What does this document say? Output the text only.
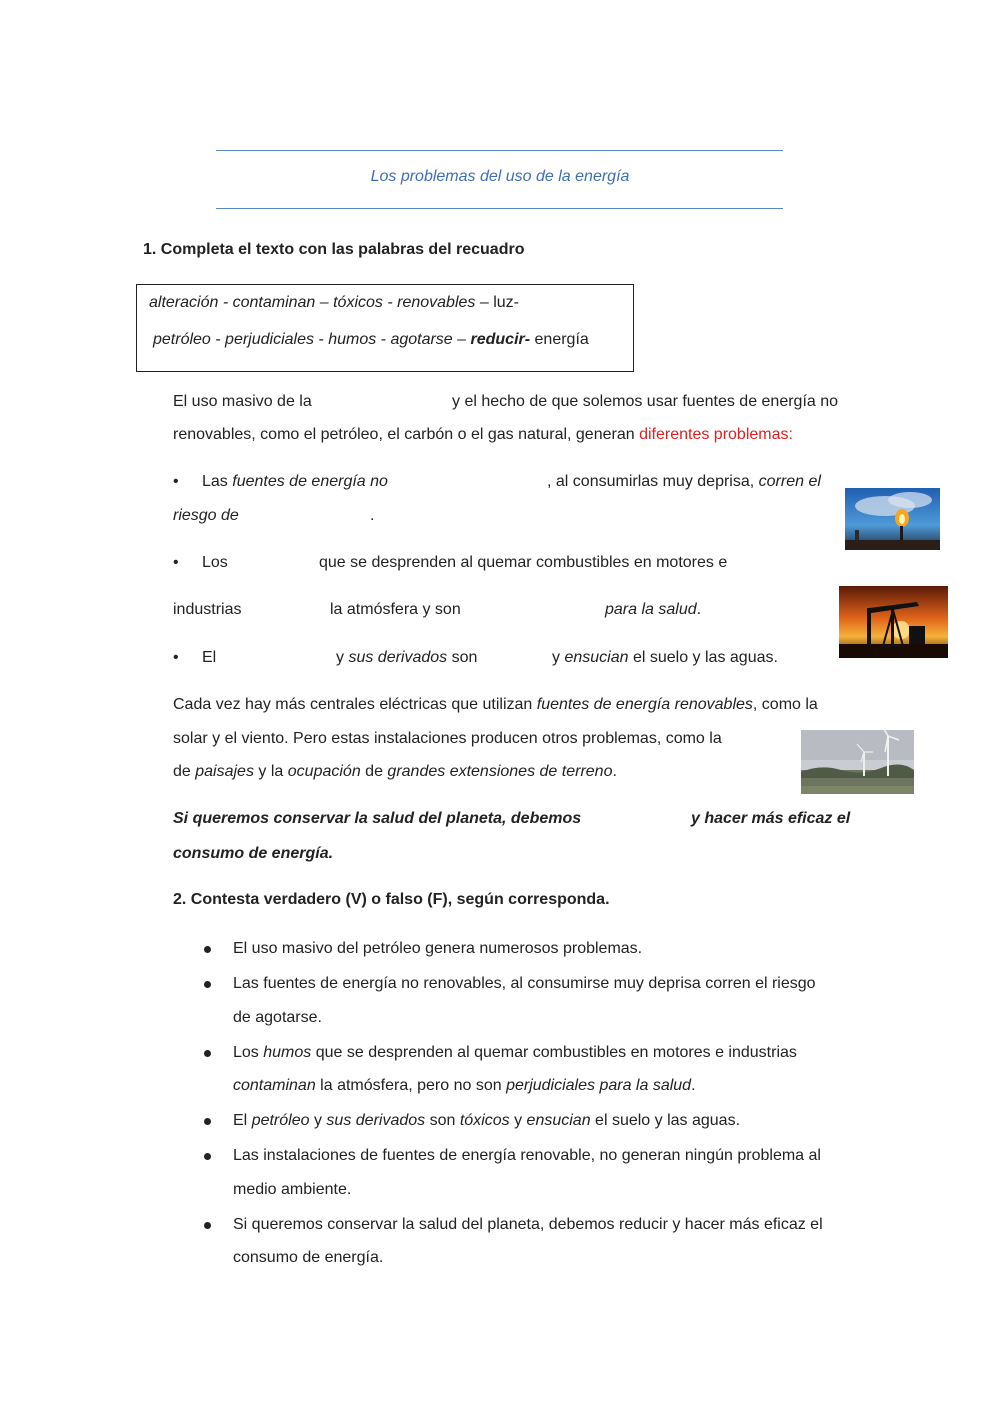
Los problemas del uso de la energía
1. Completa el texto con las palabras del recuadro
alteración - contaminan – tóxicos - renovables – luz-
petróleo - perjudiciales - humos - agotarse – reducir- energía
El uso masivo de la	y el hecho de que solemos usar fuentes de energía no
renovables, como el petróleo, el carbón o el gas natural, generan diferentes problemas:
• Las fuentes de energía no	, al consumirlas muy deprisa, corren el
riesgo de	.
• Los	que se desprenden al quemar combustibles en motores e
industrias	la atmósfera y son	para la salud.
• El	y sus derivados son	y ensucian el suelo y las aguas.
Cada vez hay más centrales eléctricas que utilizan fuentes de energía renovables, como la
solar y el viento. Pero estas instalaciones producen otros problemas, como la
de paisajes y la ocupación de grandes extensiones de terreno.
Si queremos conservar la salud del planeta, debemos	y hacer más eficaz el
consumo de energía.
2. Contesta verdadero (V) o falso (F), según corresponda.
El uso masivo del petróleo genera numerosos problemas.
Las fuentes de energía no renovables, al consumirse muy deprisa corren el riesgo
de agotarse.
Los humos que se desprenden al quemar combustibles en motores e industrias
contaminan la atmósfera, pero no son perjudiciales para la salud.
El petróleo y sus derivados son tóxicos y ensucian el suelo y las aguas.
Las instalaciones de fuentes de energía renovable, no generan ningún problema al
medio ambiente.
Si queremos conservar la salud del planeta, debemos reducir y hacer más eficaz el
consumo de energía.
